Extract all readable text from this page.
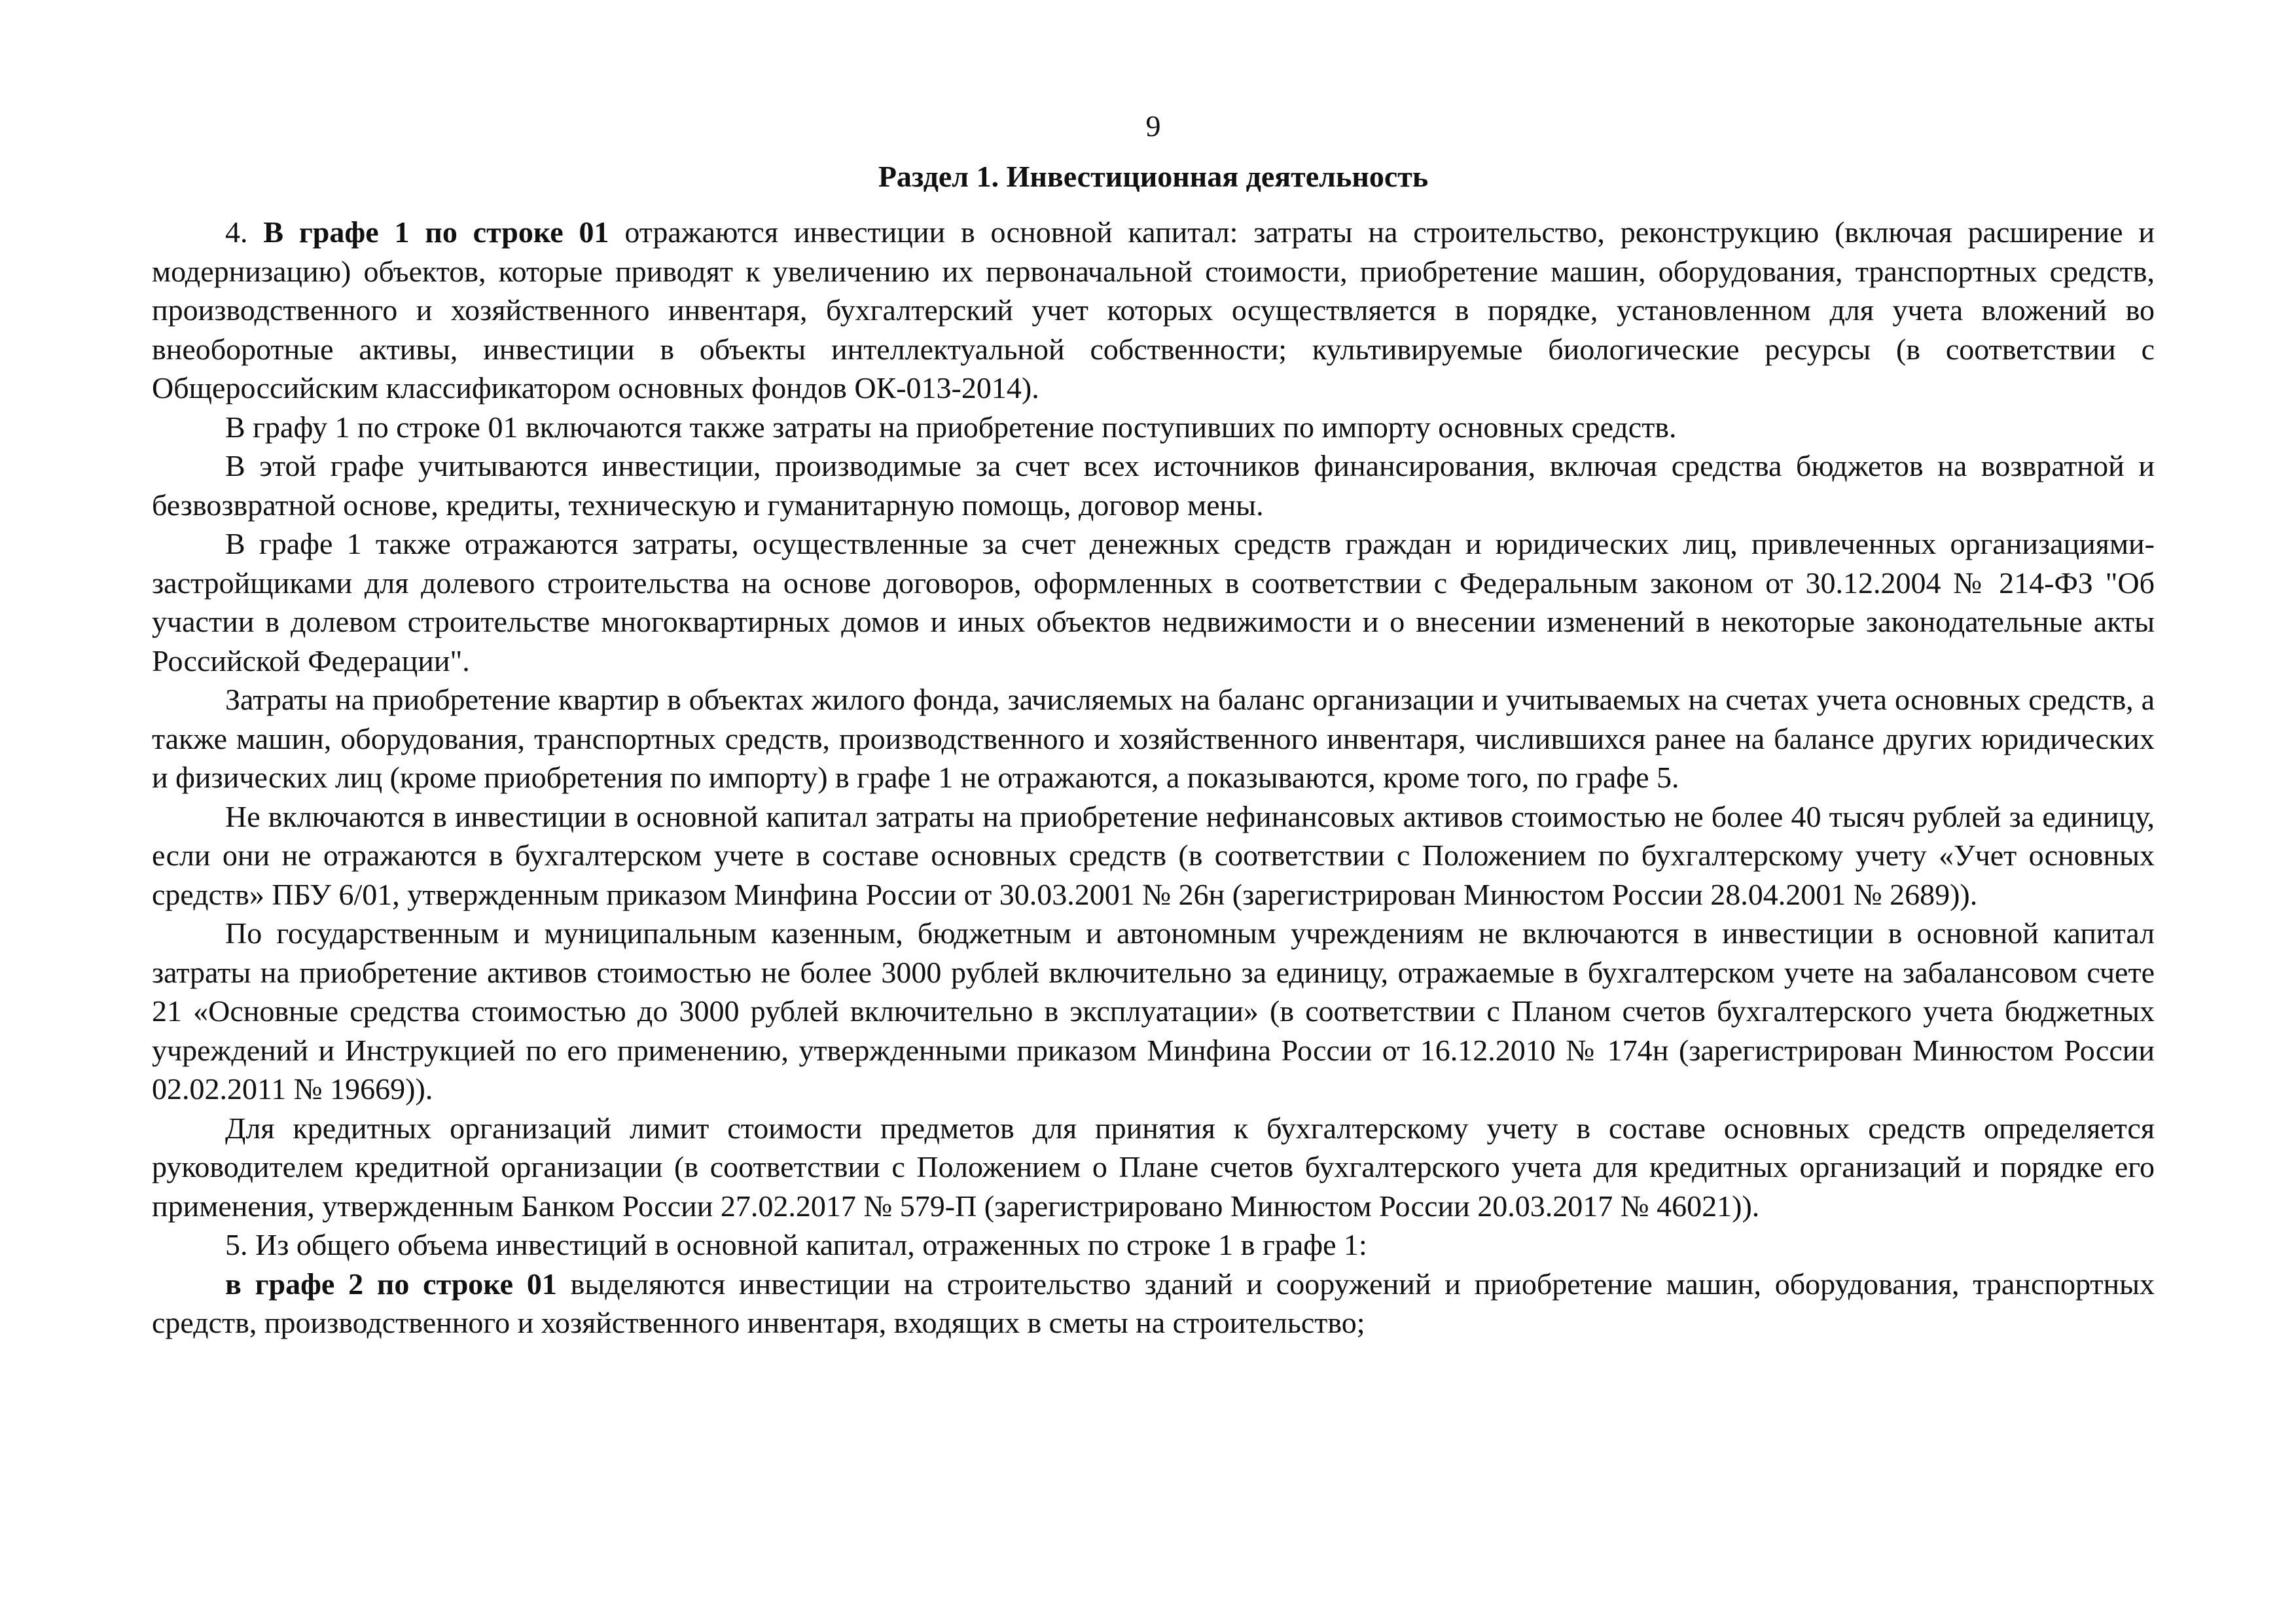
9
Раздел 1. Инвестиционная деятельность

4. В графе 1 по строке 01 отражаются инвестиции в основной капитал: затраты на строительство, реконструкцию (включая расширение и модернизацию) объектов, которые приводят к увеличению их первоначальной стоимости, приобретение машин, оборудования, транспортных средств, производственного и хозяйственного инвентаря, бухгалтерский учет которых осуществляется в порядке, установленном для учета вложений во внеоборотные активы, инвестиции в объекты интеллектуальной собственности; культивируемые биологические ресурсы (в соответствии с Общероссийским классификатором основных фондов ОК-013-2014).

В графу 1 по строке 01 включаются также затраты на приобретение поступивших по импорту основных средств.

В этой графе учитываются инвестиции, производимые за счет всех источников финансирования, включая средства бюджетов на возвратной и безвозвратной основе, кредиты, техническую и гуманитарную помощь, договор мены.

В графе 1 также отражаются затраты, осуществленные за счет денежных средств граждан и юридических лиц, привлеченных организациями-застройщиками для долевого строительства на основе договоров, оформленных в соответствии с Федеральным законом от 30.12.2004 № 214-ФЗ "Об участии в долевом строительстве многоквартирных домов и иных объектов недвижимости и о внесении изменений в некоторые законодательные акты Российской Федерации".

Затраты на приобретение квартир в объектах жилого фонда, зачисляемых на баланс организации и учитываемых на счетах учета основных средств, а также машин, оборудования, транспортных средств, производственного и хозяйственного инвентаря, числившихся ранее на балансе других юридических и физических лиц (кроме приобретения по импорту) в графе 1 не отражаются, а показываются, кроме того, по графе 5.

Не включаются в инвестиции в основной капитал затраты на приобретение нефинансовых активов стоимостью не более 40 тысяч рублей за единицу, если они не отражаются в бухгалтерском учете в составе основных средств (в соответствии с Положением по бухгалтерскому учету «Учет основных средств» ПБУ 6/01, утвержденным приказом Минфина России от 30.03.2001 № 26н (зарегистрирован Минюстом России 28.04.2001 № 2689)).

По государственным и муниципальным казенным, бюджетным и автономным учреждениям не включаются в инвестиции в основной капитал затраты на приобретение активов стоимостью не более 3000 рублей включительно за единицу, отражаемые в бухгалтерском учете на забалансовом счете 21 «Основные средства стоимостью до 3000 рублей включительно в эксплуатации» (в соответствии с Планом счетов бухгалтерского учета бюджетных учреждений и Инструкцией по его применению, утвержденными приказом Минфина России от 16.12.2010 № 174н (зарегистрирован Минюстом России 02.02.2011 № 19669)).

Для кредитных организаций лимит стоимости предметов для принятия к бухгалтерскому учету в составе основных средств определяется руководителем кредитной организации (в соответствии с Положением о Плане счетов бухгалтерского учета для кредитных организаций и порядке его применения, утвержденным Банком России 27.02.2017 № 579-П (зарегистрировано Минюстом России 20.03.2017 № 46021)).

5. Из общего объема инвестиций в основной капитал, отраженных по строке 1 в графе 1:

в графе 2 по строке 01 выделяются инвестиции на строительство зданий и сооружений и приобретение машин, оборудования, транспортных средств, производственного и хозяйственного инвентаря, входящих в сметы на строительство;
